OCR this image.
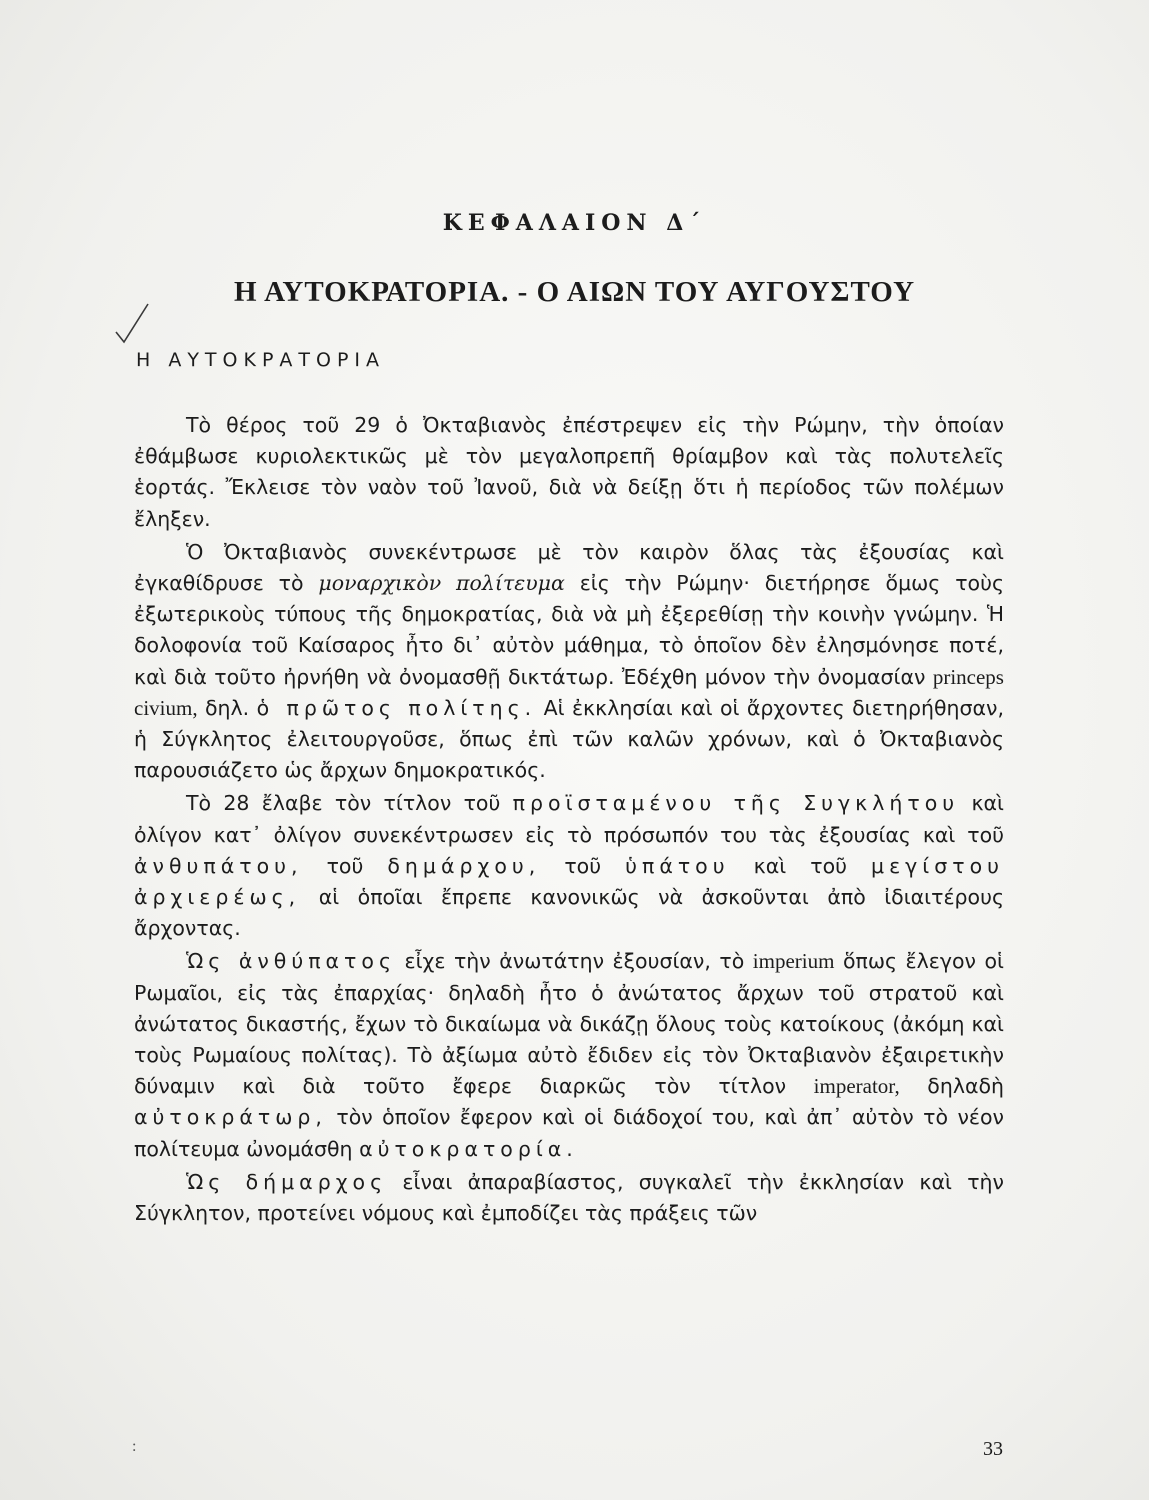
ΚΕΦΑΛΑΙΟΝ Δ΄
Η ΑΥΤΟΚΡΑΤΟΡΙΑ. - Ο ΑΙΩΝ ΤΟΥ ΑΥΓΟΥΣΤΟΥ
Η ΑΥΤΟΚΡΑΤΟΡΙΑ

Τὸ θέρος τοῦ 29 ὁ Ὀκταβιανὸς ἐπέστρεψεν εἰς τὴν Ρώμην, τὴν ὁποίαν ἐθάμβωσε κυριολεκτικῶς μὲ τὸν μεγαλοπρεπῆ θρίαμβον καὶ τὰς πολυτελεῖς ἑορτάς. Ἔκλεισε τὸν ναὸν τοῦ Ἰανοῦ, διὰ νὰ δείξῃ ὅτι ἡ περίοδος τῶν πολέμων ἔληξεν.

Ὁ Ὀκταβιανὸς συνεκέντρωσε μὲ τὸν καιρὸν ὅλας τὰς ἐξουσίας καὶ ἐγκαθίδρυσε τὸ μοναρχικὸν πολίτευμα εἰς τὴν Ρώμην· διετήρησε ὅμως τοὺς ἐξωτερικοὺς τύπους τῆς δημοκρατίας, διὰ νὰ μὴ ἐξερεθίσῃ τὴν κοινὴν γνώμην. Ἡ δολοφονία τοῦ Καίσαρος ἦτο δι᾽ αὐτὸν μάθημα, τὸ ὁποῖον δὲν ἐλησμόνησε ποτέ, καὶ διὰ τοῦτο ἠρνήθη νὰ ὀνομασθῇ δικτάτωρ. Ἐδέχθη μόνον τὴν ὀνομασίαν princeps civium, δηλ. ὁ πρῶτος πολίτης. Αἱ ἐκκλησίαι καὶ οἱ ἄρχοντες διετηρήθησαν, ἡ Σύγκλητος ἐλειτουργοῦσε, ὅπως ἐπὶ τῶν καλῶν χρόνων, καὶ ὁ Ὀκταβιανὸς παρουσιάζετο ὡς ἄρχων δημοκρατικός.

Τὸ 28 ἔλαβε τὸν τίτλον τοῦ προϊσταμένου τῆς Συγκλήτου καὶ ὀλίγον κατ᾽ ὀλίγον συνεκέντρωσεν εἰς τὸ πρόσωπόν του τὰς ἐξουσίας καὶ τοῦ ἀνθυπάτου, τοῦ δημάρχου, τοῦ ὑπάτου καὶ τοῦ μεγίστου ἀρχιερέως, αἱ ὁποῖαι ἔπρεπε κανονικῶς νὰ ἀσκοῦνται ἀπὸ ἰδιαιτέρους ἄρχοντας.

Ὡς ἀνθύπατος εἶχε τὴν ἀνωτάτην ἐξουσίαν, τὸ imperium ὅπως ἔλεγον οἱ Ρωμαῖοι, εἰς τὰς ἐπαρχίας· δηλαδὴ ἦτο ὁ ἀνώτατος ἄρχων τοῦ στρατοῦ καὶ ἀνώτατος δικαστής, ἔχων τὸ δικαίωμα νὰ δικάζῃ ὅλους τοὺς κατοίκους (ἀκόμη καὶ τοὺς Ρωμαίους πολίτας). Τὸ ἀξίωμα αὐτὸ ἔδιδεν εἰς τὸν Ὀκταβιανὸν ἐξαιρετικὴν δύναμιν καὶ διὰ τοῦτο ἔφερε διαρκῶς τὸν τίτλον imperator, δηλαδὴ αὐτοκράτωρ, τὸν ὁποῖον ἔφερον καὶ οἱ διάδοχοί του, καὶ ἀπ᾽ αὐτὸν τὸ νέον πολίτευμα ὠνομάσθη αὐτοκρατορία.

Ὡς δήμαρχος εἶναι ἀπαραβίαστος, συγκαλεῖ τὴν ἐκκλησίαν καὶ τὴν Σύγκλητον, προτείνει νόμους καὶ ἐμποδίζει τὰς πράξεις τῶν

:	33
